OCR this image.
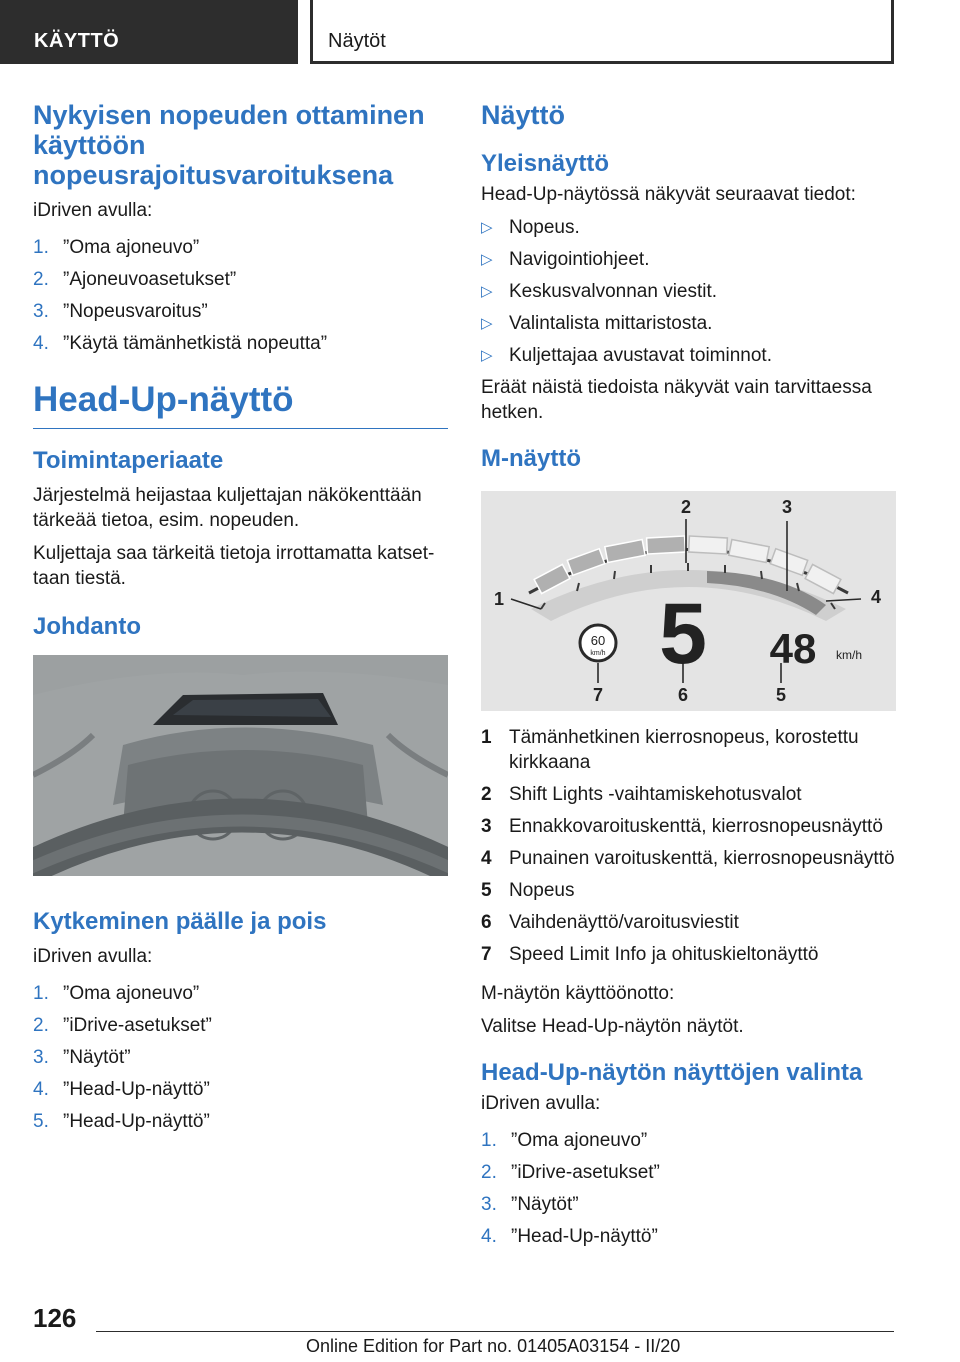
KÄYTTÖ	Näytöt
Nykyisen nopeuden ottaminen käyttöön nopeusrajoitusvaroituksena
iDriven avulla:
1. ”Oma ajoneuvo”
2. ”Ajoneuvoasetukset”
3. ”Nopeusvaroitus”
4. ”Käytä tämänhetkistä nopeutta”
Head-Up-näyttö
Toimintaperiaate
Järjestelmä heijastaa kuljettajan näkökenttään tärkeää tietoa, esim. nopeuden.
Kuljettaja saa tärkeitä tietoja irrottamatta katsettaan tiestä.
Johdanto
Kytkeminen päälle ja pois
iDriven avulla:
1. ”Oma ajoneuvo”
2. ”iDrive-asetukset”
3. ”Näytöt”
4. ”Head-Up-näyttö”
5. ”Head-Up-näyttö”
Näyttö
Yleisnäyttö
Head-Up-näytössä näkyvät seuraavat tiedot:
▷ Nopeus.
▷ Navigointiohjeet.
▷ Keskusvalvonnan viestit.
▷ Valintalista mittaristosta.
▷ Kuljettajaa avustavat toiminnot.
Eräät näistä tiedoista näkyvät vain tarvittaessa hetken.
M-näyttö
60
km/h 5 48 km/h
1
2	3
4
5
6
7
1 Tämänhetkinen kierrosnopeus, korostettu kirkkaana
2 Shift Lights -vaihtamiskehotusvalot
3 Ennakkovaroituskenttä, kierrosnopeusnäyttö
4 Punainen varoituskenttä, kierrosnopeusnäyttö
5 Nopeus
6 Vaihdenäyttö/varoitusviestit
7 Speed Limit Info ja ohituskieltonäyttö
M-näytön käyttöönotto:
Valitse Head-Up-näytön näytöt.
Head-Up-näytön näyttöjen valinta
iDriven avulla:
1. ”Oma ajoneuvo”
2. ”iDrive-asetukset”
3. ”Näytöt”
4. ”Head-Up-näyttö”
126
Online Edition for Part no. 01405A03154 - II/20
